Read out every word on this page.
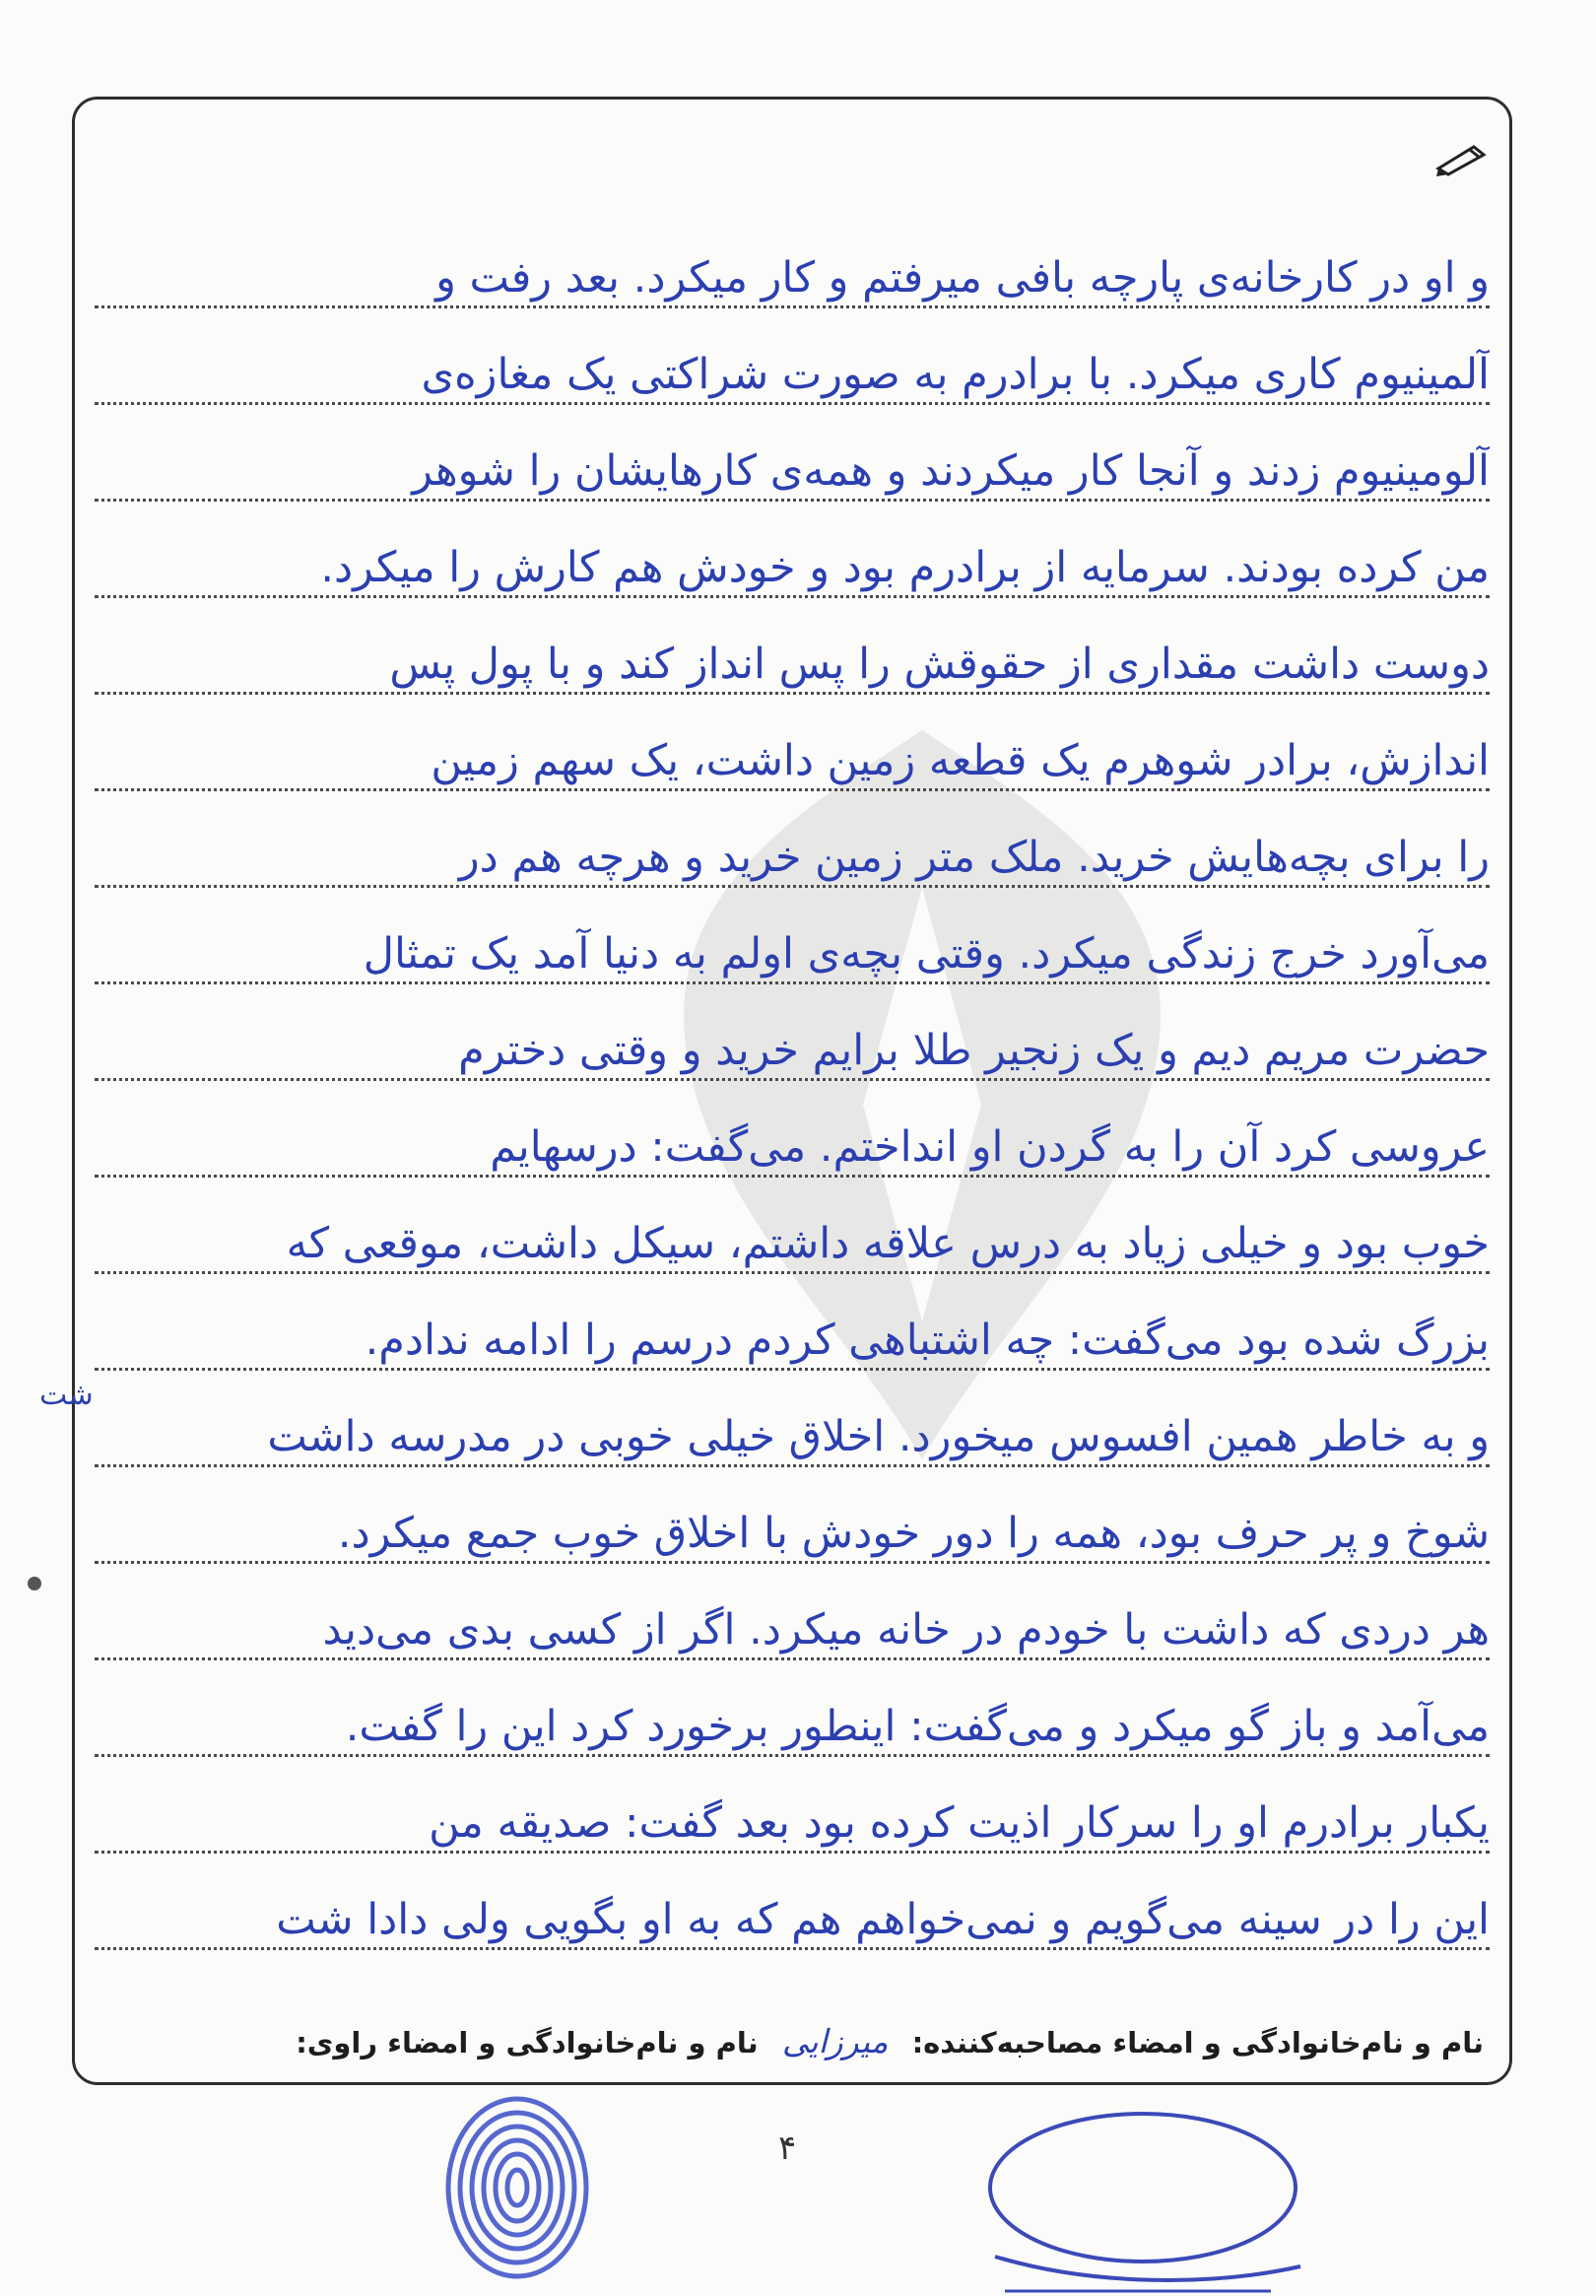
و او در کارخانه‌ی پارچه بافی میرفتم و کار میکرد. بعد رفت و
آلمینیوم کاری میکرد. با برادرم به صورت شراکتی یک مغازه‌ی
آلومینیوم زدند و آنجا کار میکردند و همه‌ی کارهایشان را شوهر
من کرده بودند. سرمایه از برادرم بود و خودش هم کارش را میکرد.
دوست داشت مقداری از حقوقش را پس انداز کند و با پول پس
اندازش، برادر شوهرم یک قطعه زمین داشت، یک سهم زمین
را برای بچه‌هایش خرید. ملک متر زمین خرید و هرچه هم در
می‌آورد خرج زندگی میکرد. وقتی بچه‌ی اولم به دنیا آمد یک تمثال
حضرت مریم دیم و یک زنجیر طلا برایم خرید و وقتی دخترم
عروسی کرد آن را به گردن او انداختم. می‌گفت: درسهایم
خوب بود و خیلی زیاد به درس علاقه داشتم، سیکل داشت، موقعی که
بزرگ شده بود می‌گفت: چه اشتباهی کردم درسم را ادامه ندادم.
و به خاطر همین افسوس میخورد. اخلاق خیلی خوبی در مدرسه داشت
شوخ و پر حرف بود، همه را دور خودش با اخلاق خوب جمع میکرد.
هر دردی که داشت با خودم در خانه میکرد. اگر از کسی بدی می‌دید
می‌آمد و باز گو میکرد و می‌گفت: اینطور برخورد کرد این را گفت.
یکبار برادرم او را سرکار اذیت کرده بود بعد گفت: صدیقه من
این را در سینه می‌گویم و نمی‌خواهم هم که به او بگویی ولی دادا شت
نام و نام‌خانوادگی و امضاء مصاحبه‌کننده: میرزایی نام و نام‌خانوادگی و امضاء راوی:
شت
۴
